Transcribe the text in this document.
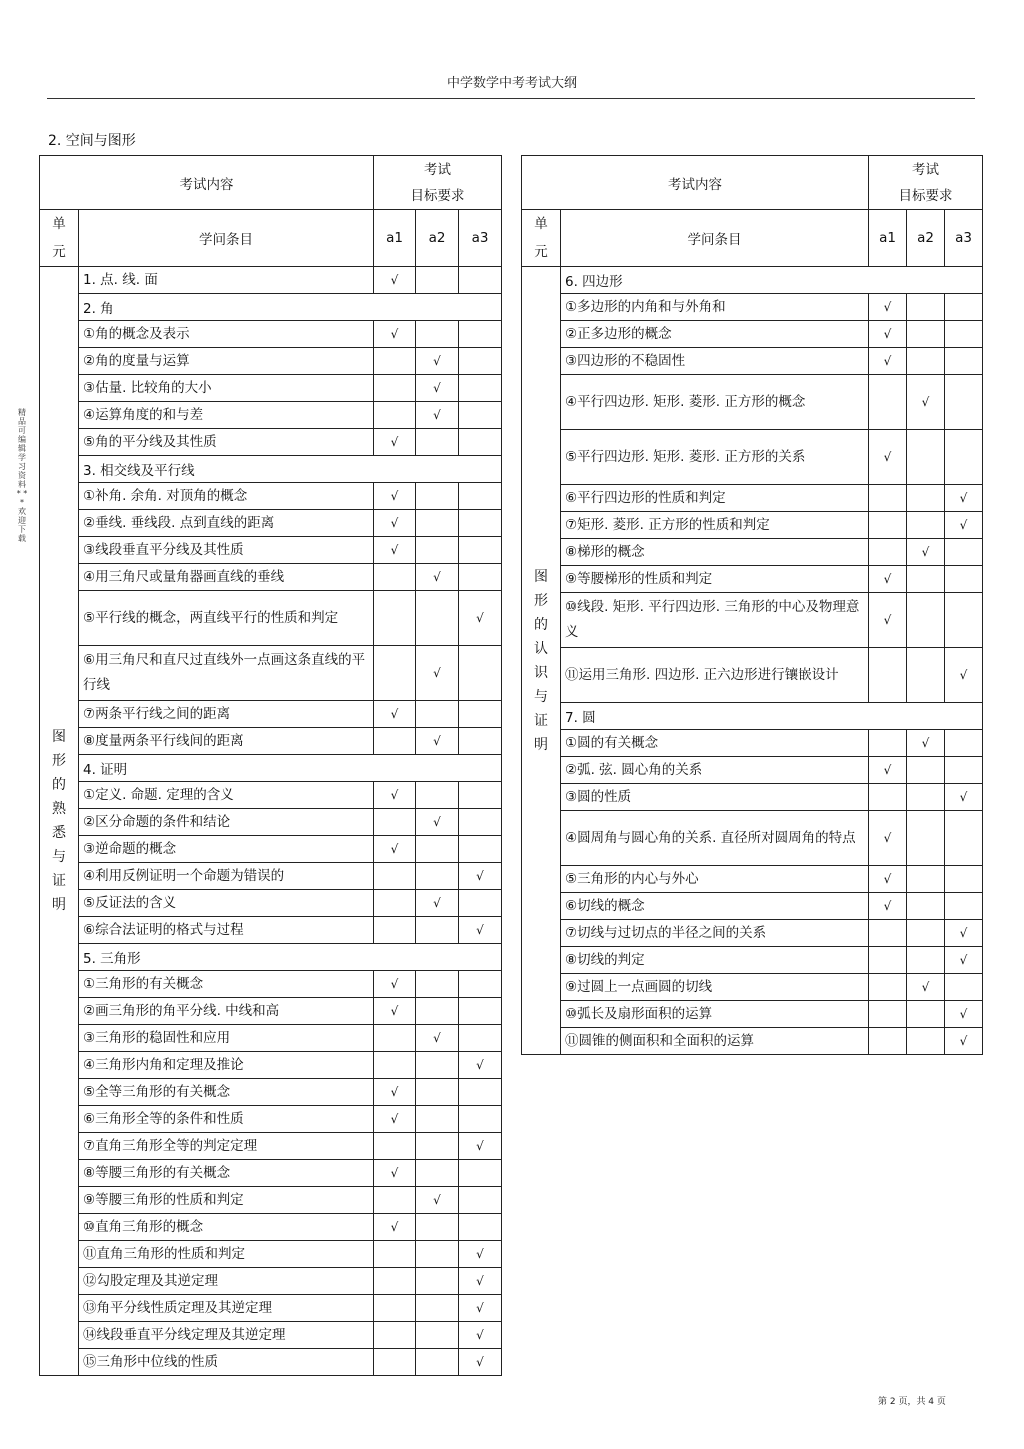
中学数学中考考试大纲
2. 空间与图形
精品可编辑学习资料 * * * 欢迎下载
考试内容		考试
目标要求		

单
元	学问条目	a1	a2	a3

图形的熟悉与证明	1. 点. 线. 面	√		
	2. 角			
	①角的概念及表示	√		
	②角的度量与运算		√	
	③估量. 比较角的大小		√	
	④运算角度的和与差		√	
	⑤角的平分线及其性质	√		
	3. 相交线及平行线			
	①补角. 余角. 对顶角的概念	√		
	②垂线. 垂线段. 点到直线的距离	√		
	③线段垂直平分线及其性质	√		
	④用三角尺或量角器画直线的垂线		√	
	⑤平行线的概念，两直线平行的性质和判定			√
	⑥用三角尺和直尺过直线外一点画这条直线的平行线		√	
	⑦两条平行线之间的距离	√		
	⑧度量两条平行线间的距离		√	
	4. 证明			
	①定义. 命题. 定理的含义	√		
	②区分命题的条件和结论		√	
	③逆命题的概念	√		
	④利用反例证明一个命题为错误的			√
	⑤反证法的含义		√	
	⑥综合法证明的格式与过程			√
	5. 三角形			
	①三角形的有关概念	√		
	②画三角形的角平分线. 中线和高	√		
	③三角形的稳固性和应用		√	
	④三角形内角和定理及推论			√
	⑤全等三角形的有关概念	√		
	⑥三角形全等的条件和性质	√		
	⑦直角三角形全等的判定定理			√
	⑧等腰三角形的有关概念	√		
	⑨等腰三角形的性质和判定		√	
	⑩直角三角形的概念	√		
	⑪直角三角形的性质和判定			√
	⑫勾股定理及其逆定理			√
	⑬角平分线性质定理及其逆定理			√
	⑭线段垂直平分线定理及其逆定理			√
	⑮三角形中位线的性质			√
考试内容		考试
目标要求		

单
元	学问条目	a1	a2	a3

图形的认识与证明	6. 四边形			
	①多边形的内角和与外角和	√		
	②正多边形的概念	√		
	③四边形的不稳固性	√		
	④平行四边形. 矩形. 菱形. 正方形的概念		√	
	⑤平行四边形. 矩形. 菱形. 正方形的关系	√		
	⑥平行四边形的性质和判定			√
	⑦矩形. 菱形. 正方形的性质和判定			√
	⑧梯形的概念		√	
	⑨等腰梯形的性质和判定	√		
	⑩线段. 矩形. 平行四边形. 三角形的中心及物理意义	√		
	⑪运用三角形. 四边形. 正六边形进行镶嵌设计			√
	7. 圆			
	①圆的有关概念		√	
	②弧. 弦. 圆心角的关系	√		
	③圆的性质			√
	④圆周角与圆心角的关系. 直径所对圆周角的特点	√		
	⑤三角形的内心与外心	√		
	⑥切线的概念	√		
	⑦切线与过切点的半径之间的关系			√
	⑧切线的判定			√
	⑨过圆上一点画圆的切线		√	
	⑩弧长及扇形面积的运算			√
	⑪圆锥的侧面积和全面积的运算			√
第 2 页，共 4 页
